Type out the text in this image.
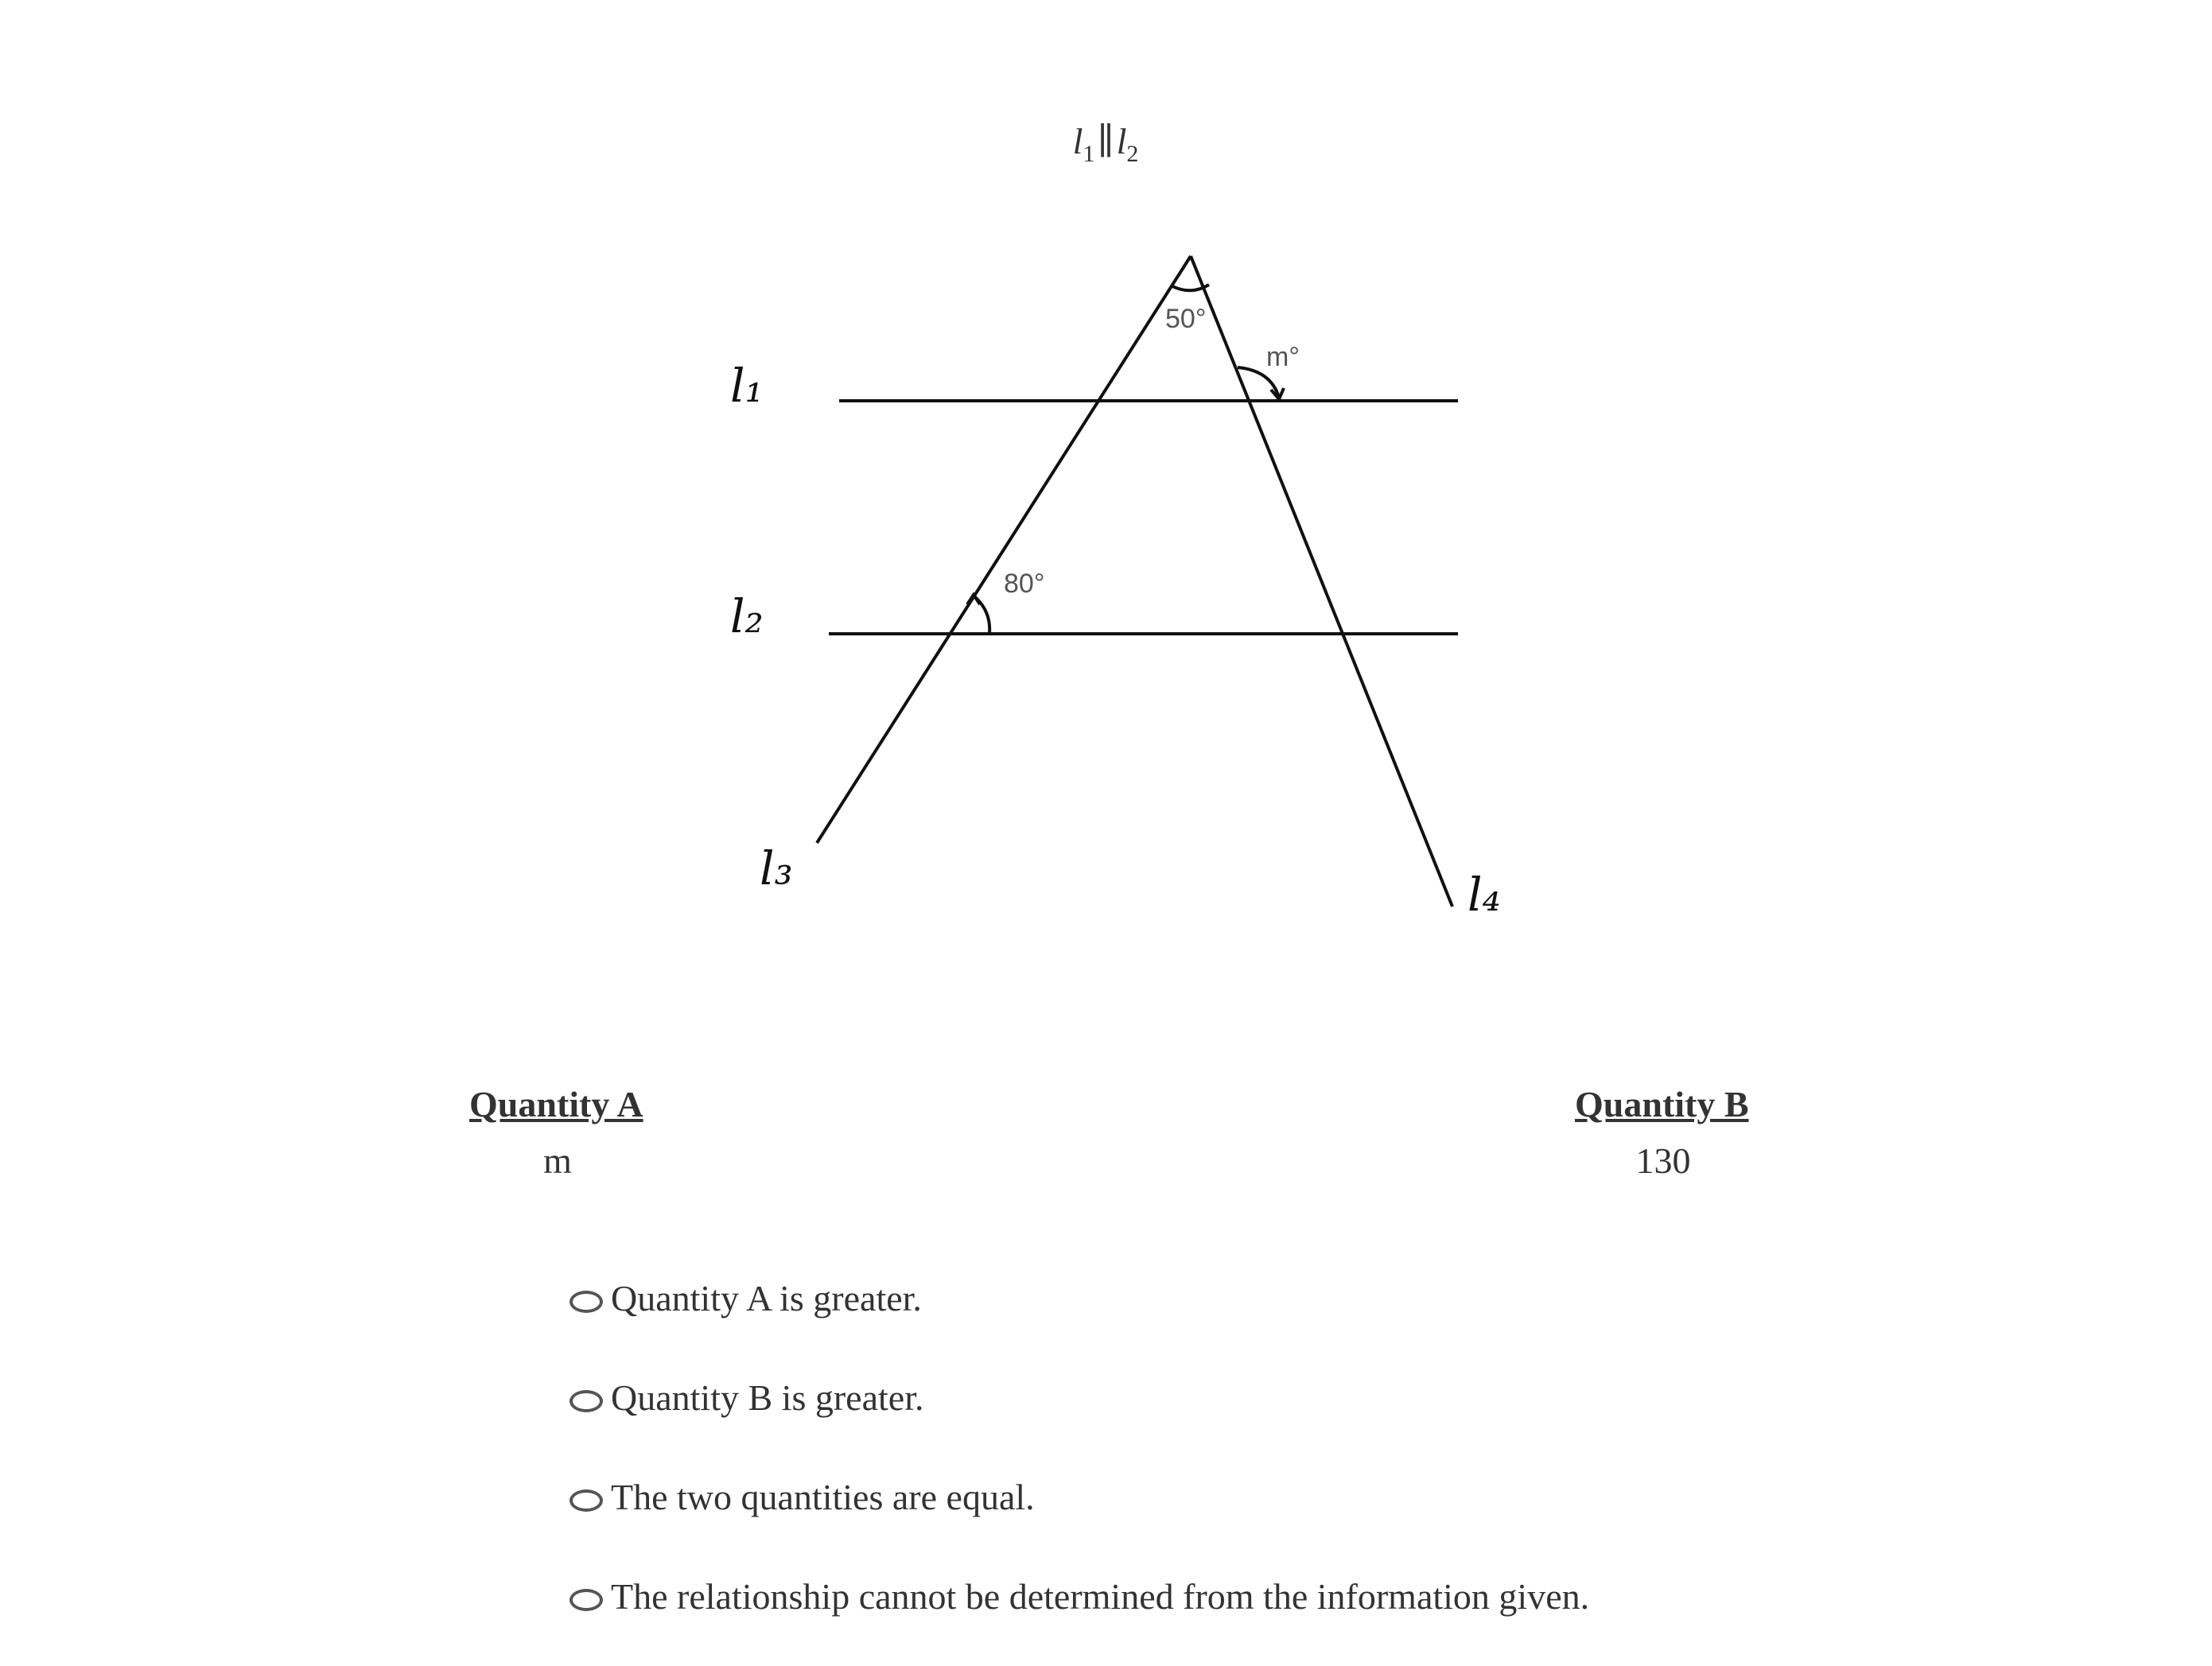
$l_1\parallel l_2$
50°
m°
80°
l₁
l₂
l₃	l₄
Quantity A	Quantity B
m	130
Quantity A is greater.
Quantity B is greater.
The two quantities are equal.
The relationship cannot be determined from the information given.
